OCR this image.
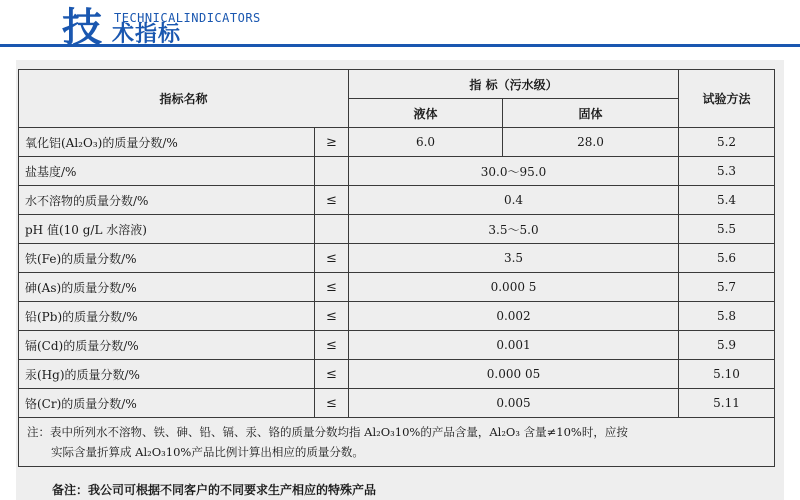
技 TECHNICALINDICATORS
术指标
指标名称		指 标（污水级）		试验方法
		液体	固体	
氧化铝(Al₂O₃)的质量分数/%	≥	6.0	28.0	5.2
盐基度/%		30.0～95.0		5.3
水不溶物的质量分数/%	≤	0.4		5.4
pH 值(10 g/L 水溶液)		3.5～5.0		5.5
铁(Fe)的质量分数/%	≤	3.5		5.6
砷(As)的质量分数/%	≤	0.000 5		5.7
铅(Pb)的质量分数/%	≤	0.002		5.8
镉(Cd)的质量分数/%	≤	0.001		5.9
汞(Hg)的质量分数/%	≤	0.000 05		5.10
铬(Cr)的质量分数/%	≤	0.005		5.11

注：表中所列水不溶物、铁、砷、铅、镉、汞、铬的质量分数均指 Al₂O₃10%的产品含量，Al₂O₃ 含量≠10%时，应按
实际含量折算成 Al₂O₃10%产品比例计算出相应的质量分数。				
备注：我公司可根据不同客户的不同要求生产相应的特殊产品
